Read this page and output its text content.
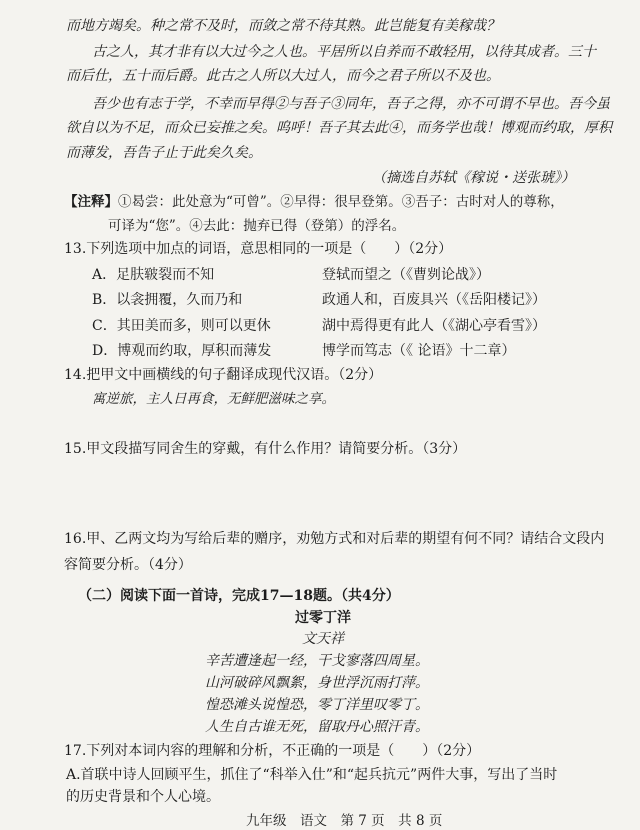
而地方竭矣。种之常不及时，而敛之常不待其熟。此岂能复有美稼哉？
古之人，其才非有以大过今之人也。平居所以自养而不敢轻用，以待其成者。三十
而后仕，五十而后爵。此古之人所以大过人，而今之君子所以不及也。
吾少也有志于学，不幸而早得②与吾子③同年，吾子之得，亦不可谓不早也。吾今虽
欲自以为不足，而众已妄推之矣。呜呼！吾子其去此④，而务学也哉！博观而约取，厚积
而薄发，吾告子止于此矣久矣。
（摘选自苏轼《稼说・送张琥》）
【注释】①曷尝：此处意为“可曾”。②早得：很早登第。③吾子：古时对人的尊称，
可译为“您”。④去此：抛弃已得（登第）的浮名。
13.下列选项中加点的词语，意思相同的一项是（　　）（2分）
A．足肤皲裂而不知	登轼而望之（《曹刿论战》）
B．以衾拥覆，久而乃和	政通人和，百废具兴（《岳阳楼记》）
C．其田美而多，则可以更休	湖中焉得更有此人（《湖心亭看雪》）
D．博观而约取，厚积而薄发	博学而笃志（《 论语》十二章）
14.把甲文中画横线的句子翻译成现代汉语。（2分）
寓逆旅，主人日再食，无鲜肥滋味之享。
15.甲文段描写同舍生的穿戴，有什么作用？请简要分析。（3分）
16.甲、乙两文均为写给后辈的赠序，劝勉方式和对后辈的期望有何不同？请结合文段内
容简要分析。（4分）
（二）阅读下面一首诗，完成17—18题。（共4分）
过零丁洋
文天祥
辛苦遭逢起一经，干戈寥落四周星。
山河破碎风飘絮，身世浮沉雨打萍。
惶恐滩头说惶恐，零丁洋里叹零丁。
人生自古谁无死，留取丹心照汗青。
17.下列对本词内容的理解和分析，不正确的一项是（　　）（2分）
A.首联中诗人回顾平生，抓住了“科举入仕”和“起兵抗元”两件大事，写出了当时
的历史背景和个人心境。
九年级　语文　第 7 页　共 8 页
